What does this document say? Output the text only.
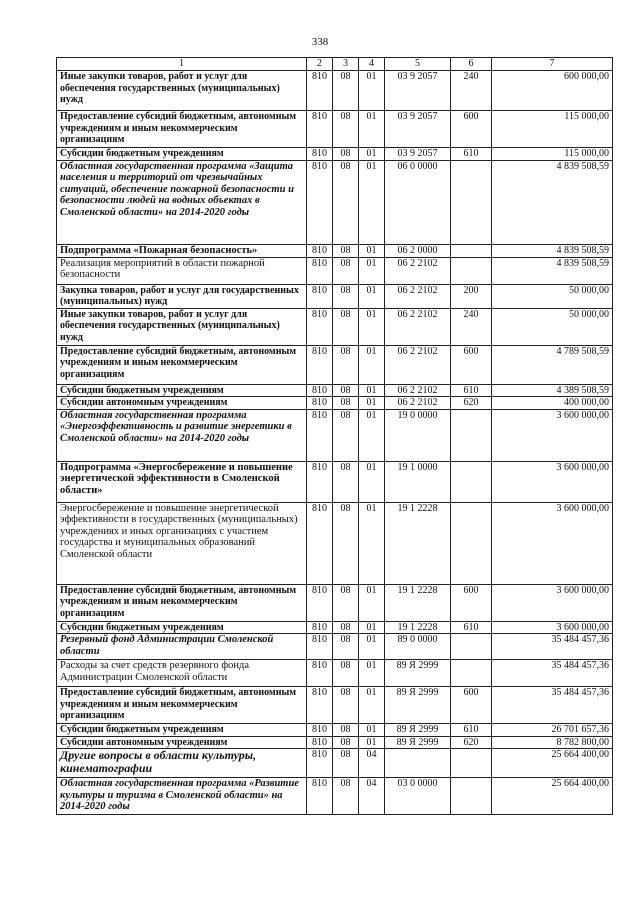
338
1	2	3	4	5	6	7
Иные закупки товаров, работ и услуг для обеспечения государственных (муниципальных) нужд	810	08	01	03 9 2057	240	600 000,00
Предоставление субсидий бюджетным, автономным учреждениям и иным некоммерческим организациям	810	08	01	03 9 2057	600	115 000,00
Субсидии бюджетным учреждениям	810	08	01	03 9 2057	610	115 000,00
Областная государственная программа «Защита населения и территорий от чрезвычайных ситуаций, обеспечение пожарной безопасности и безопасности людей на водных объектах в Смоленской области» на 2014-2020 годы	810	08	01	06 0 0000		4 839 508,59
Подпрограмма «Пожарная безопасность»	810	08	01	06 2 0000		4 839 508,59
Реализация мероприятий в области пожарной безопасности	810	08	01	06 2 2102		4 839 508,59
Закупка товаров, работ и услуг для государственных (муниципальных) нужд	810	08	01	06 2 2102	200	50 000,00
Иные закупки товаров, работ и услуг для обеспечения государственных (муниципальных) нужд	810	08	01	06 2 2102	240	50 000,00
Предоставление субсидий бюджетным, автономным учреждениям и иным некоммерческим организациям	810	08	01	06 2 2102	600	4 789 508,59
Субсидии бюджетным учреждениям	810	08	01	06 2 2102	610	4 389 508,59
Субсидии автономным учреждениям	810	08	01	06 2 2102	620	400 000,00
Областная государственная программа «Энергоэффективность и развитие энергетики в Смоленской области» на 2014-2020 годы	810	08	01	19 0 0000		3 600 000,00
Подпрограмма «Энергосбережение и повышение энергетической эффективности в Смоленской области»	810	08	01	19 1 0000		3 600 000,00
Энергосбережение и повышение энергетической эффективности в государственных (муниципальных) учреждениях и иных организациях с участием государства и муниципальных образований Смоленской области	810	08	01	19 1 2228		3 600 000,00
Предоставление субсидий бюджетным, автономным учреждениям и иным некоммерческим организациям	810	08	01	19 1 2228	600	3 600 000,00
Субсидии бюджетным учреждениям	810	08	01	19 1 2228	610	3 600 000,00
Резервный фонд Администрации Смоленской области	810	08	01	89 0 0000		35 484 457,36
Расходы за счет средств резервного фонда Администрации Смоленской области	810	08	01	89 Я 2999		35 484 457,36
Предоставление субсидий бюджетным, автономным учреждениям и иным некоммерческим организациям	810	08	01	89 Я 2999	600	35 484 457,36
Субсидии бюджетным учреждениям	810	08	01	89 Я 2999	610	26 701 657,36
Субсидии автономным учреждениям	810	08	01	89 Я 2999	620	8 782 800,00
Другие вопросы в области культуры, кинематографии	810	08	04			25 664 400,00
Областная государственная программа «Развитие культуры и туризма в Смоленской области» на 2014-2020 годы	810	08	04	03 0 0000		25 664 400,00
